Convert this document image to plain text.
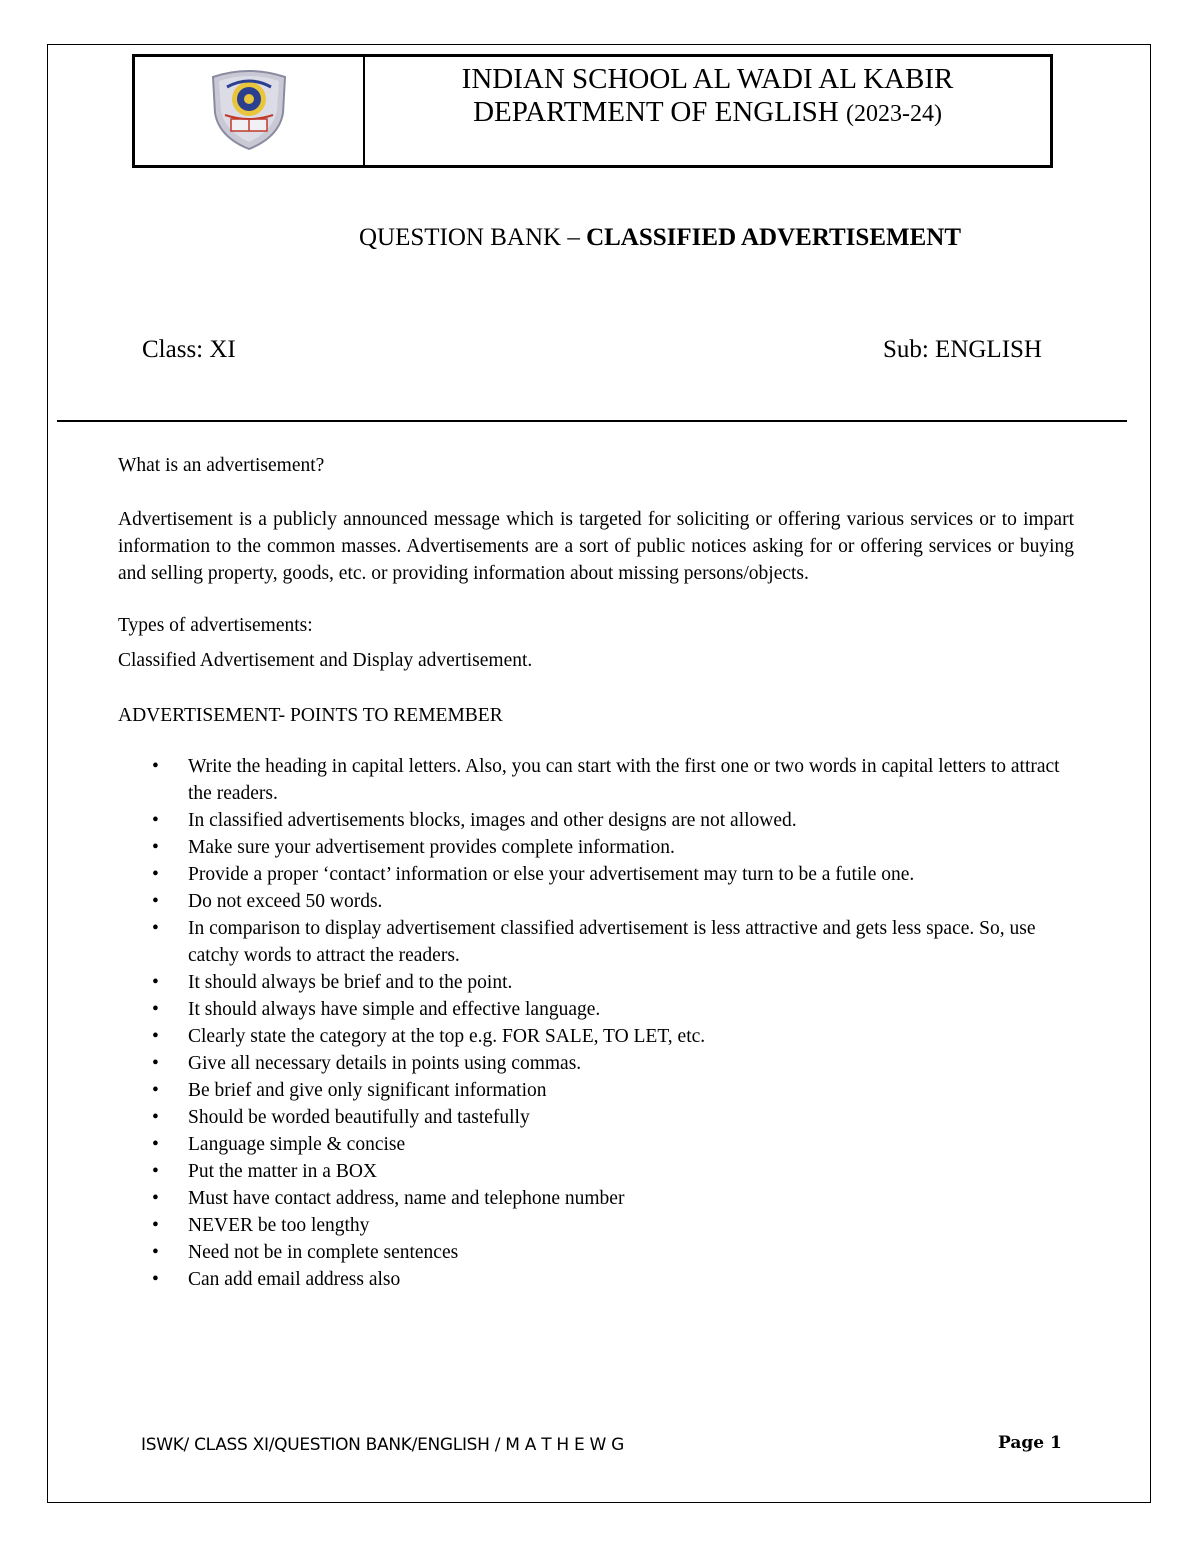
INDIAN SCHOOL AL WADI AL KABIR
DEPARTMENT OF ENGLISH (2023-24)
QUESTION BANK – CLASSIFIED ADVERTISEMENT
Class: XI	Sub: ENGLISH

What is an advertisement?

Advertisement is a publicly announced message which is targeted for soliciting or offering various services or to impart information to the common masses. Advertisements are a sort of public notices asking for or offering services or buying and selling property, goods, etc. or providing information about missing persons/objects.

Types of advertisements:

Classified Advertisement and Display advertisement.

ADVERTISEMENT- POINTS TO REMEMBER

• Write the heading in capital letters. Also, you can start with the first one or two words in capital letters to attract the readers.
• In classified advertisements blocks, images and other designs are not allowed.
• Make sure your advertisement provides complete information.
• Provide a proper ‘contact’ information or else your advertisement may turn to be a futile one.
• Do not exceed 50 words.
• In comparison to display advertisement classified advertisement is less attractive and gets less space. So, use catchy words to attract the readers.
• It should always be brief and to the point.
• It should always have simple and effective language.
• Clearly state the category at the top e.g. FOR SALE, TO LET, etc.
• Give all necessary details in points using commas.
• Be brief and give only significant information
• Should be worded beautifully and tastefully
• Language simple & concise
• Put the matter in a BOX
• Must have contact address, name and telephone number
• NEVER be too lengthy
• Need not be in complete sentences
• Can add email address also
ISWK/ CLASS XI/QUESTION BANK/ENGLISH / M A T H E W G	Page 1
